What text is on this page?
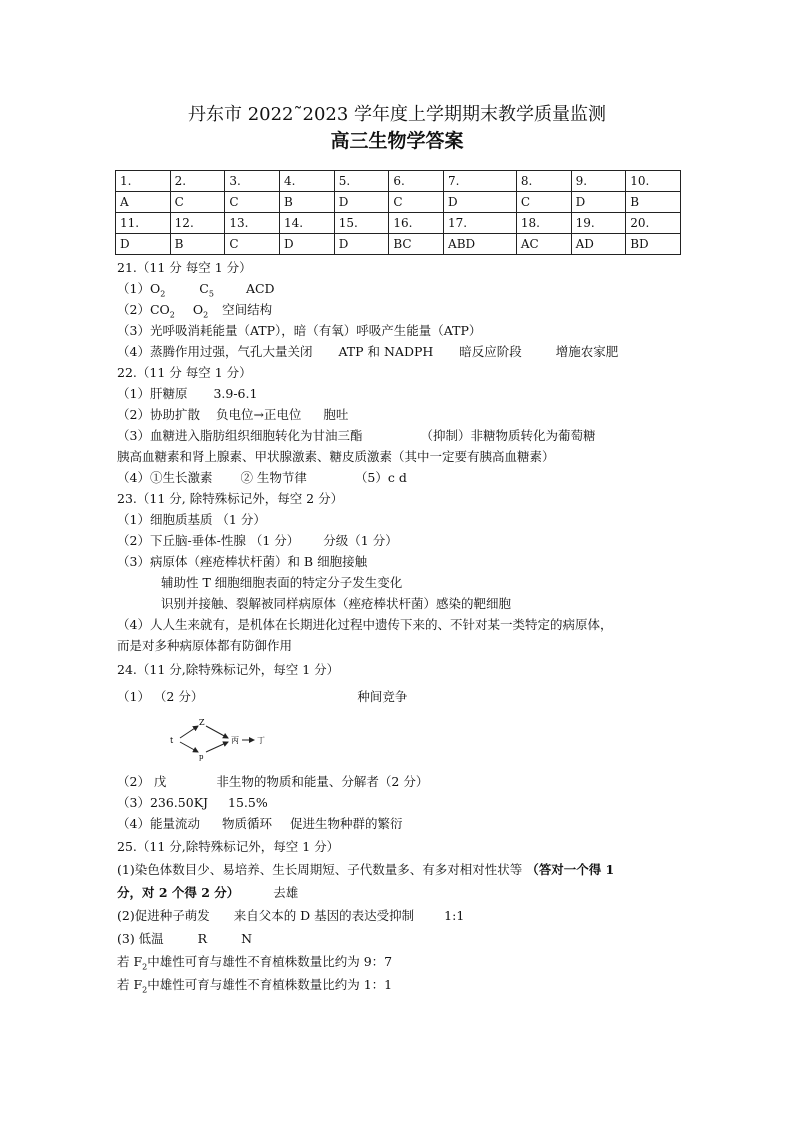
丹东市 2022˜2023 学年度上学期期末教学质量监测
高三生物学答案
1.	2.	3.	4.	5.	6.	7.	8.	9.	10.
A	C	C	B	D	C	D	C	D	B
11.	12.	13.	14.	15.	16.	17.	18.	19.	20.
D	B	C	D	D	BC	ABD	AC	AD	BD
21.（11 分 每空 1 分）
$(1)O_2$	$C_5$	ACD
$(2)CO_2$ $O_2$ 空间结构
（3）光呼吸消耗能量（ATP），暗（有氧）呼吸产生能量（ATP）
（4）蒸腾作用过强，气孔大量关闭 ATP 和 NADPH 暗反应阶段	增施农家肥
22.（11 分 每空 1 分）
（1）肝糖原 3.9-6.1
（2）协助扩散 负电位→正电位 胞吐
（3）血糖进入脂肪组织细胞转化为甘油三酯	（抑制）非糖物质转化为葡萄糖
胰高血糖素和肾上腺素、甲状腺激素、糖皮质激素（其中一定要有胰高血糖素）
（4）①生长激素 ② 生物节律	（5）c d
23.（11 分, 除特殊标记外，每空 2 分）
（1）细胞质基质 （1 分）
（2）下丘脑-垂体-性腺 （1 分） 分级（1 分）
（3）病原体（痤疮棒状杆菌）和 B 细胞接触
辅助性 T 细胞细胞表面的特定分子发生变化
识别并接触、裂解被同样病原体（痤疮棒状杆菌）感染的靶细胞
（4）人人生来就有，是机体在长期进化过程中遗传下来的、不针对某一类特定的病原体，
而是对多种病原体都有防御作用
24.（11 分,除特殊标记外，每空 1 分）
（1） （2 分）	种间竞争
t
Z
p
丙 丁
（2） 戊	非生物的物质和能量、分解者（2 分）
（3）236.50KJ 15.5%
（4）能量流动 物质循环 促进生物种群的繁衍
25.（11 分,除特殊标记外，每空 1 分）
(1)染色体数目少、易培养、生长周期短、子代数量多、有多对相对性状等 （答对一个得 1
分，对 2 个得 2 分）	去雄
(2)促进种子萌发 来自父本的 D 基因的表达受抑制 1:1
(3) 低温	R	N
若 $F_2$中雄性可育与雄性不育植株数量比约为 9：7
若 $F_2$中雄性可育与雄性不育植株数量比约为 1：1
